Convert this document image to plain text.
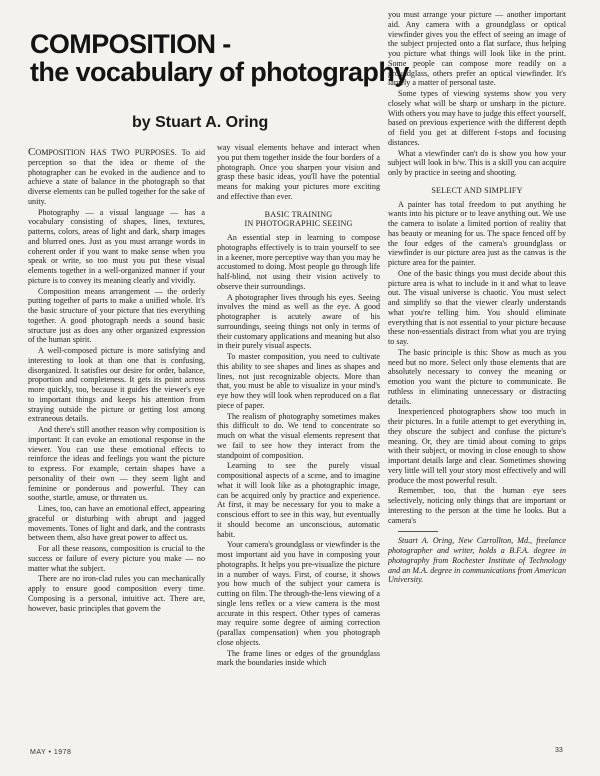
COMPOSITION -
the vocabulary of photography
by Stuart A. Oring

COMPOSITION HAS TWO PURPOSES. To aid perception so that the idea or theme of the photographer can be evoked in the audience and to achieve a state of balance in the photograph so that diverse elements can be pulled together for the sake of unity.

Photography — a visual language — has a vocabulary consisting of shapes, lines, textures, patterns, colors, areas of light and dark, sharp images and blurred ones. Just as you must arrange words in coherent order if you want to make sense when you speak or write, so too must you put these visual elements together in a well-organized manner if your picture is to convey its meaning clearly and vividly.

Composition means arrangement — the orderly putting together of parts to make a unified whole. It's the basic structure of your picture that ties everything together. A good photograph needs a sound basic structure just as does any other organized expression of the human spirit.

A well-composed picture is more satisfying and interesting to look at than one that is confusing, disorganized. It satisfies our desire for order, balance, proportion and completeness. It gets its point across more quickly, too, because it guides the viewer's eye to important things and keeps his attention from straying outside the picture or getting lost among extraneous details.

And there's still another reason why composition is important: It can evoke an emotional response in the viewer. You can use these emotional effects to reinforce the ideas and feelings you want the picture to express. For example, certain shapes have a personality of their own — they seem light and feminine or ponderous and powerful. They can soothe, startle, amuse, or threaten us.

Lines, too, can have an emotional effect, appearing graceful or disturbing with abrupt and jagged movements. Tones of light and dark, and the contrasts between them, also have great power to affect us.

For all these reasons, composition is crucial to the success or failure of every picture you make — no matter what the subject.

There are no iron-clad rules you can mechanically apply to ensure good composition every time. Composing is a personal, intuitive act. There are, however, basic principles that govern the

way visual elements behave and interact when you put them together inside the four borders of a photograph. Once you sharpen your vision and grasp these basic ideas, you'll have the potential means for making your pictures more exciting and effective than ever.

BASIC TRAINING
IN PHOTOGRAPHIC SEEING

An essential step in learning to compose photographs effectively is to train yourself to see in a keener, more perceptive way than you may be accustomed to doing. Most people go through life half-blind, not using their vision actively to observe their surroundings.

A photographer lives through his eyes. Seeing involves the mind as well as the eye. A good photographer is acutely aware of his surroundings, seeing things not only in terms of their customary applications and meaning but also in their purely visual aspects.

To master composition, you need to cultivate this ability to see shapes and lines as shapes and lines, not just recognizable objects. More than that, you must be able to visualize in your mind's eye how they will look when reproduced on a flat piece of paper.

The realism of photography sometimes makes this difficult to do. We tend to concentrate so much on what the visual elements represent that we fail to see how they interact from the standpoint of composition.

Learning to see the purely visual compositional aspects of a scene, and to imagine what it will look like as a photographic image, can be acquired only by practice and experience. At first, it may be necessary for you to make a conscious effort to see in this way, but eventually it should become an unconscious, automatic habit.

Your camera's groundglass or viewfinder is the most important aid you have in composing your photographs. It helps you pre-visualize the picture in a number of ways. First, of course, it shows you how much of the subject your camera is cutting on film. The through-the-lens viewing of a single lens reflex or a view camera is the most accurate in this respect. Other types of cameras may require some degree of aiming correction (parallax compensation) when you photograph close objects.

The frame lines or edges of the groundglass mark the boundaries inside which

you must arrange your picture — another important aid. Any camera with a groundglass or optical viewfinder gives you the effect of seeing an image of the subject projected onto a flat surface, thus helping you picture what things will look like in the print. Some people can compose more readily on a groundglass, others prefer an optical viewfinder. It's largely a matter of personal taste.

Some types of viewing systems show you very closely what will be sharp or unsharp in the picture. With others you may have to judge this effect yourself, based on previous experience with the different depth of field you get at different f-stops and focusing distances.

What a viewfinder can't do is show you how your subject will look in b/w. This is a skill you can acquire only by practice in seeing and shooting.

SELECT AND SIMPLIFY

A painter has total freedom to put anything he wants into his picture or to leave anything out. We use the camera to isolate a limited portion of reality that has beauty or meaning for us. The space fenced off by the four edges of the camera's groundglass or viewfinder is our picture area just as the canvas is the picture area for the painter.

One of the basic things you must decide about this picture area is what to include in it and what to leave out. The visual universe is chaotic. You must select and simplify so that the viewer clearly understands what you're telling him. You should eliminate everything that is not essential to your picture because these non-essentials distract from what you are trying to say.

The basic principle is this: Show as much as you need but no more. Select only those elements that are absolutely necessary to convey the meaning or emotion you want the picture to communicate. Be ruthless in eliminating unnecessary or distracting details.

Inexperienced photographers show too much in their pictures. In a futile attempt to get everything in, they obscure the subject and confuse the picture's meaning. Or, they are timid about coming to grips with their subject, or moving in close enough to show important details large and clear. Sometimes showing very little will tell your story most effectively and will produce the most powerful result.

Remember, too, that the human eye sees selectively, noticing only things that are important or interesting to the person at the time he looks. But a camera's

Stuart A. Oring, New Carrollton, Md., freelance photographer and writer, holds a B.F.A. degree in photography from Rochester Institute of Technology and an M.A. degree in communications from American University.

MAY • 1978	33
